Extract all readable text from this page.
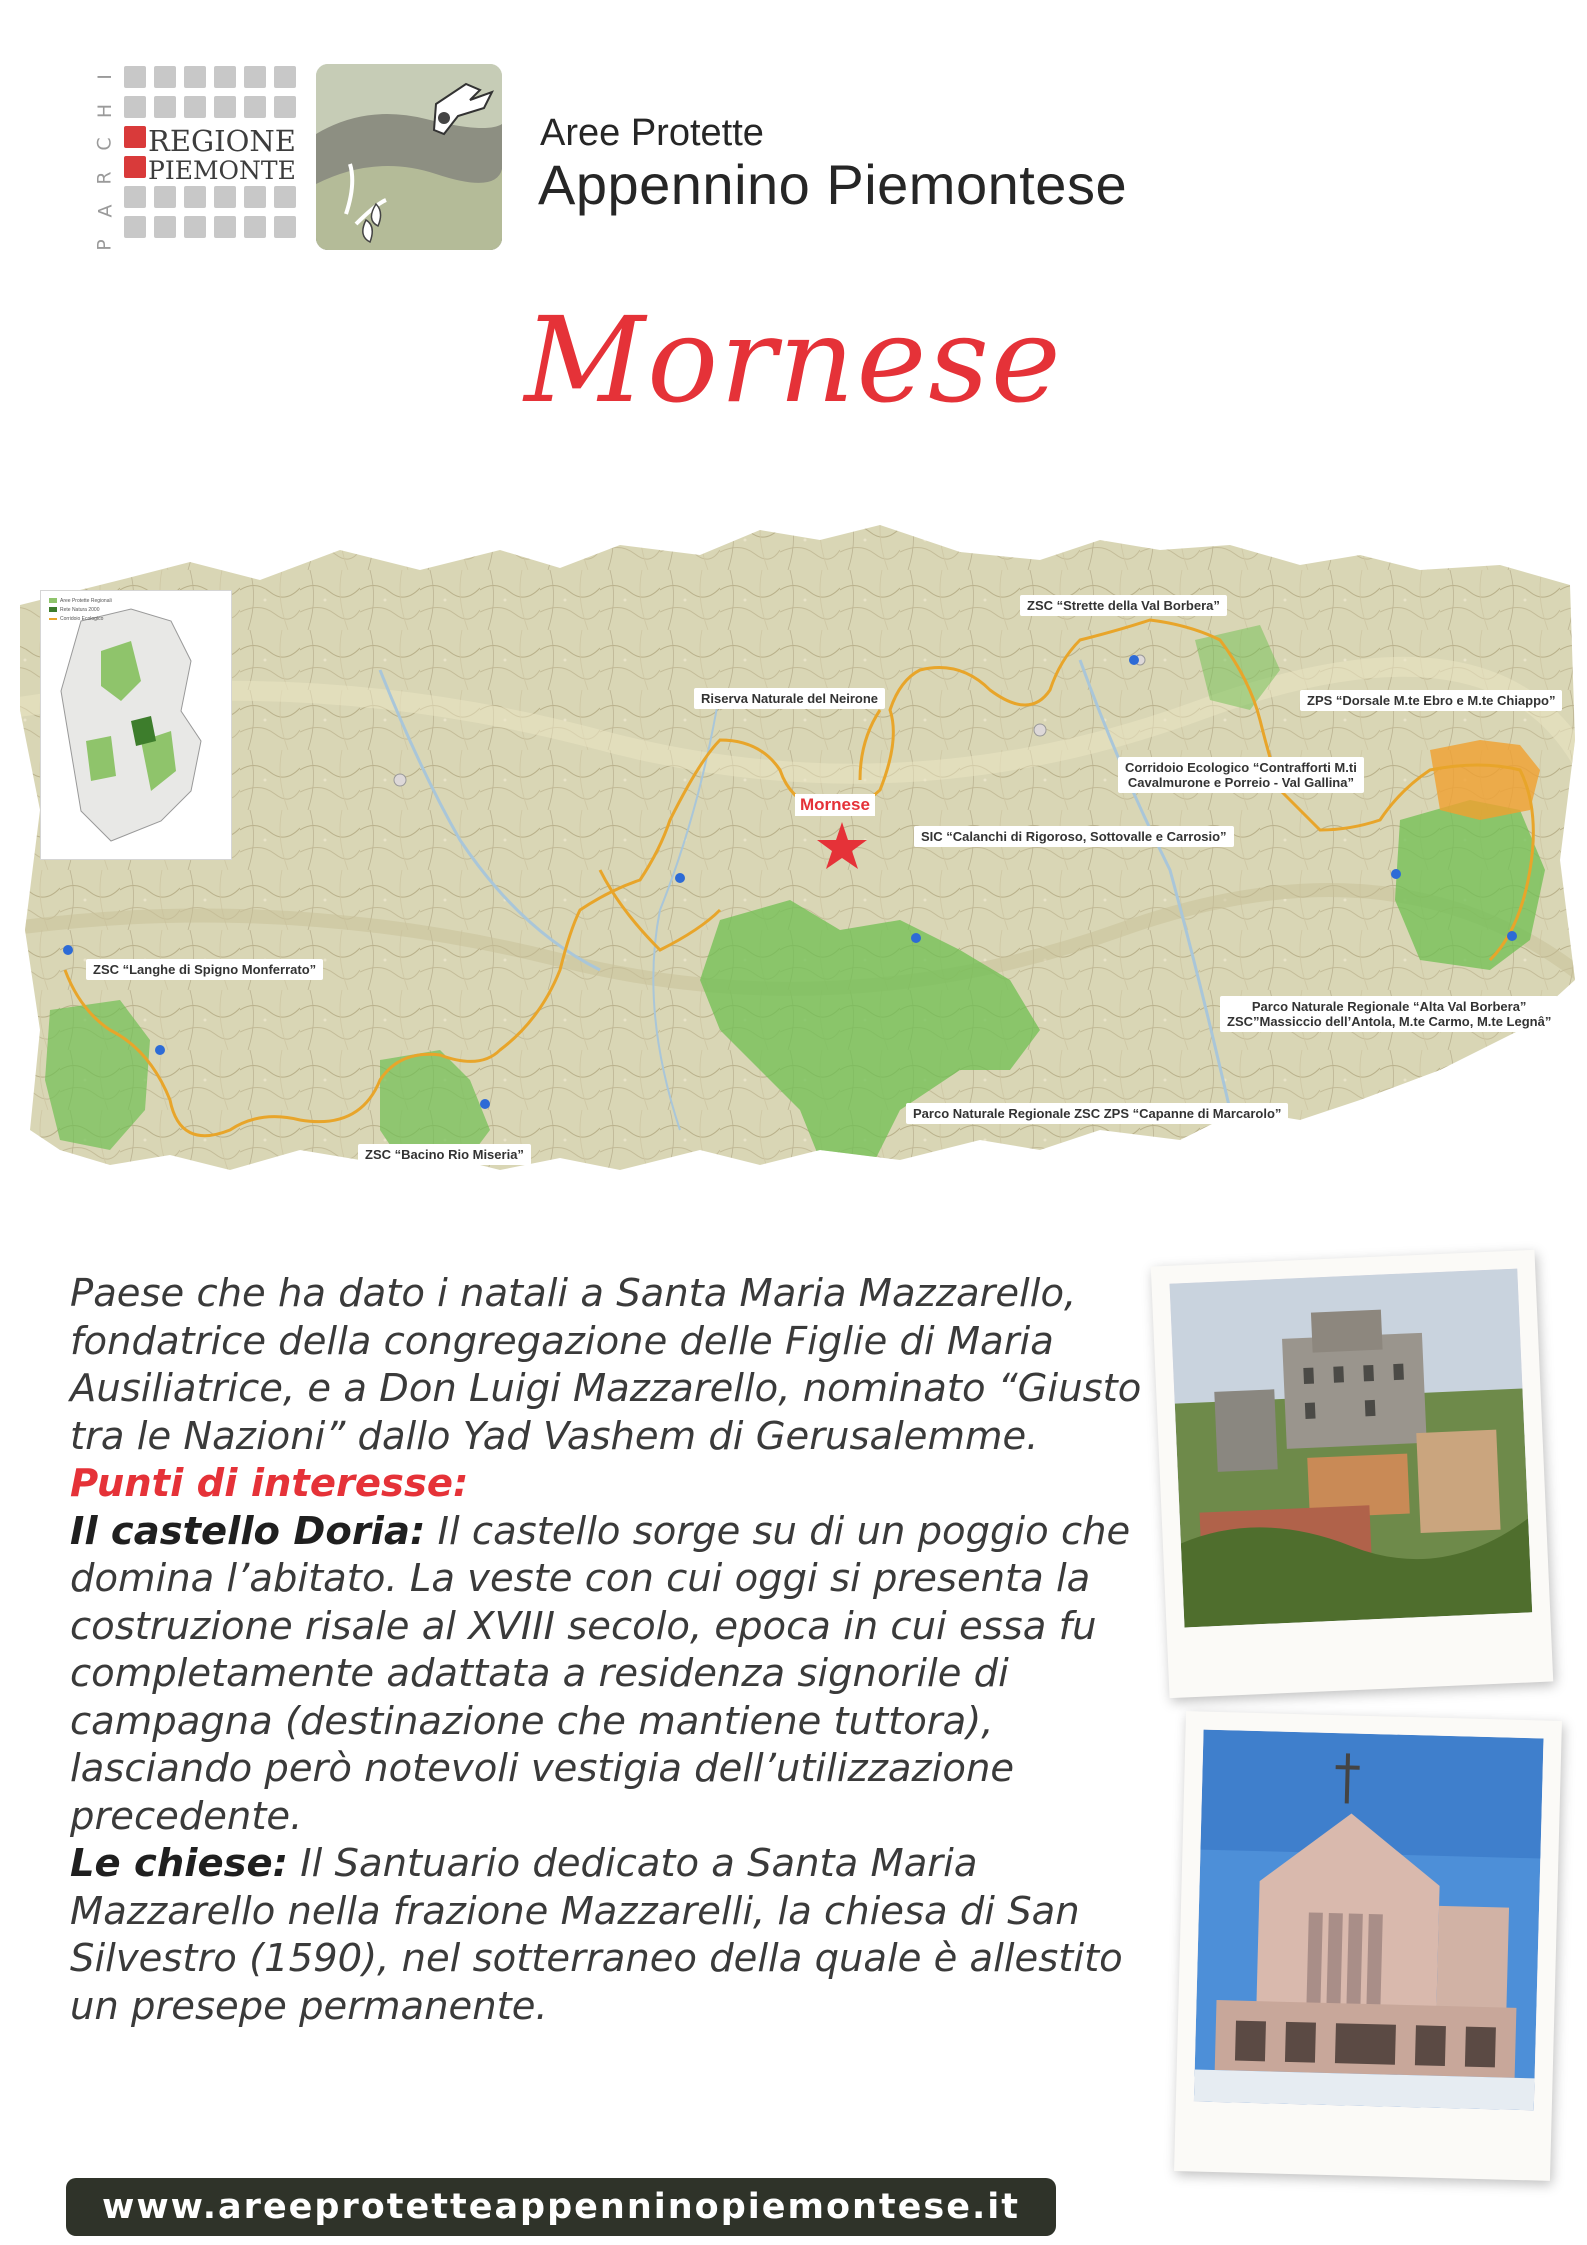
I
H
C
R
A
P
REGIONE
PIEMONTE
Aree Protette
Appennino Piemontese
Mornese
Aree Protette Regionali
Rete Natura 2000
Corridoio Ecologico
ZSC “Strette della Val Borbera”
Riserva Naturale del Neirone	ZPS “Dorsale M.te Ebro e M.te Chiappo”
Corridoio Ecologico “Contrafforti M.ti
Cavalmurone e Porreio - Val Gallina”
Mornese
SIC “Calanchi di Rigoroso, Sottovalle e Carrosio”
ZSC “Langhe di Spigno Monferrato”
Parco Naturale Regionale “Alta Val Borbera”
ZSC”Massiccio dell’Antola, M.te Carmo, M.te Legnâ”
Parco Naturale Regionale ZSC ZPS “Capanne di Marcarolo”
ZSC “Bacino Rio Miseria”

Paese che ha dato i natali a Santa Maria Mazzarello, fondatrice della congregazione delle Figlie di Maria Ausiliatrice, e a Don Luigi Mazzarello, nominato “Giusto tra le Nazioni” dallo Yad Vashem di Gerusalemme.

Punti di interesse:

Il castello Doria: Il castello sorge su di un poggio che domina l’abitato. La veste con cui oggi si presenta la costruzione risale al XVIII secolo, epoca in cui essa fu completamente adattata a residenza signorile di campagna (destinazione che mantiene tuttora), lasciando però notevoli vestigia dell’utilizzazione precedente.

Le chiese: Il Santuario dedicato a Santa Maria Mazzarello nella frazione Mazzarelli, la chiesa di San Silvestro (1590), nel sotterraneo della quale è allestito un presepe permanente.

www.areeprotetteappenninopiemontese.it
